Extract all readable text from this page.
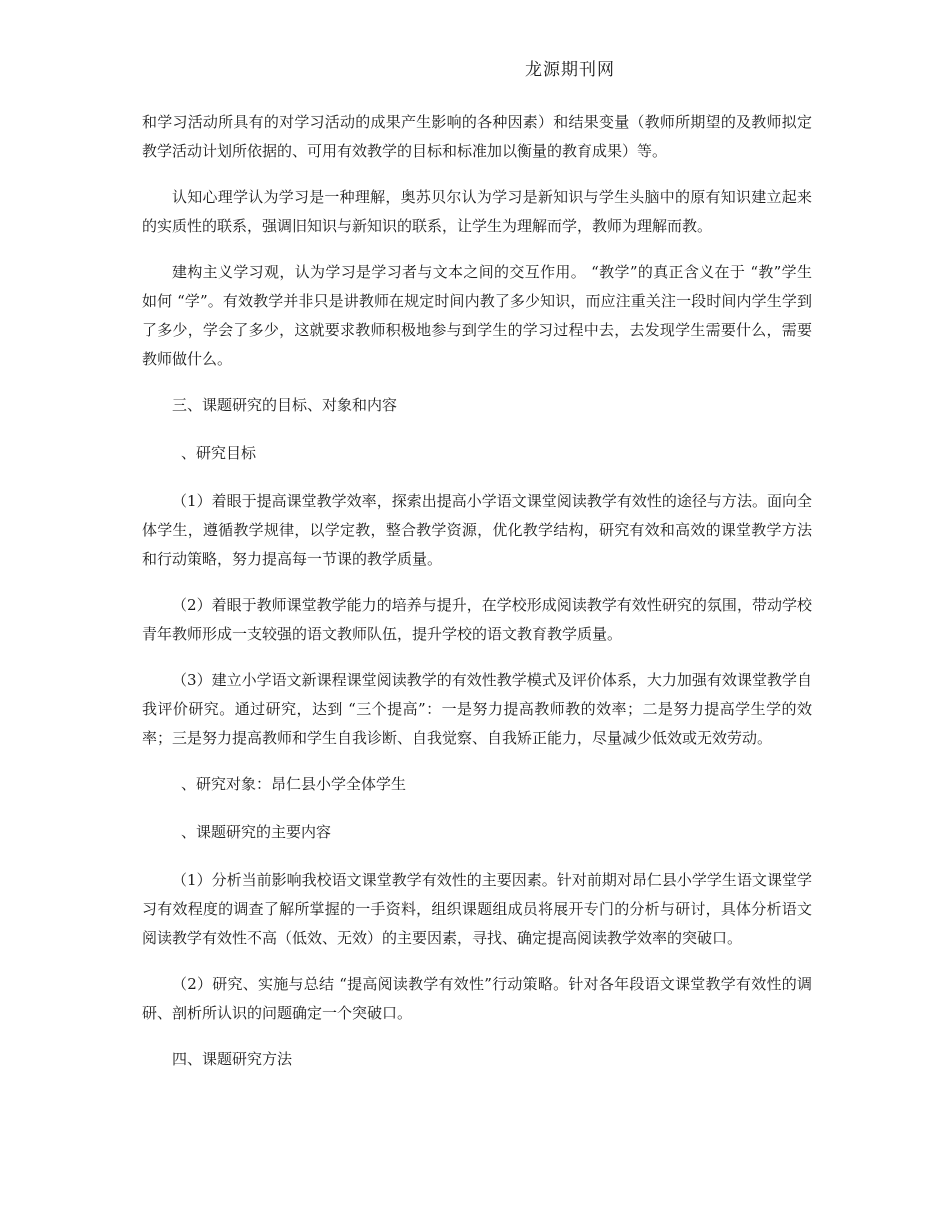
龙源期刊网

和学习活动所具有的对学习活动的成果产生影响的各种因素）和结果变量（教师所期望的及教师拟定教学活动计划所依据的、可用有效教学的目标和标准加以衡量的教育成果）等。

认知心理学认为学习是一种理解，奥苏贝尔认为学习是新知识与学生头脑中的原有知识建立起来的实质性的联系，强调旧知识与新知识的联系，让学生为理解而学，教师为理解而教。

建构主义学习观，认为学习是学习者与文本之间的交互作用。 “教学”的真正含义在于 “教”学生如何 “学”。有效教学并非只是讲教师在规定时间内教了多少知识，而应注重关注一段时间内学生学到了多少，学会了多少，这就要求教师积极地参与到学生的学习过程中去，去发现学生需要什么，需要教师做什么。

三、课题研究的目标、对象和内容

、研究目标

（1）着眼于提高课堂教学效率，探索出提高小学语文课堂阅读教学有效性的途径与方法。面向全体学生，遵循教学规律，以学定教，整合教学资源，优化教学结构，研究有效和高效的课堂教学方法和行动策略，努力提高每一节课的教学质量。

（2）着眼于教师课堂教学能力的培养与提升，在学校形成阅读教学有效性研究的氛围，带动学校青年教师形成一支较强的语文教师队伍，提升学校的语文教育教学质量。

（3）建立小学语文新课程课堂阅读教学的有效性教学模式及评价体系，大力加强有效课堂教学自我评价研究。通过研究，达到 “三个提高”：一是努力提高教师教的效率；二是努力提高学生学的效率；三是努力提高教师和学生自我诊断、自我觉察、自我矫正能力，尽量减少低效或无效劳动。

、研究对象：昂仁县小学全体学生

、课题研究的主要内容

（1）分析当前影响我校语文课堂教学有效性的主要因素。针对前期对昂仁县小学学生语文课堂学习有效程度的调查了解所掌握的一手资料，组织课题组成员将展开专门的分析与研讨，具体分析语文阅读教学有效性不高（低效、无效）的主要因素，寻找、确定提高阅读教学效率的突破口。

（2）研究、实施与总结 “提高阅读教学有效性”行动策略。针对各年段语文课堂教学有效性的调研、剖析所认识的问题确定一个突破口。

四、课题研究方法
